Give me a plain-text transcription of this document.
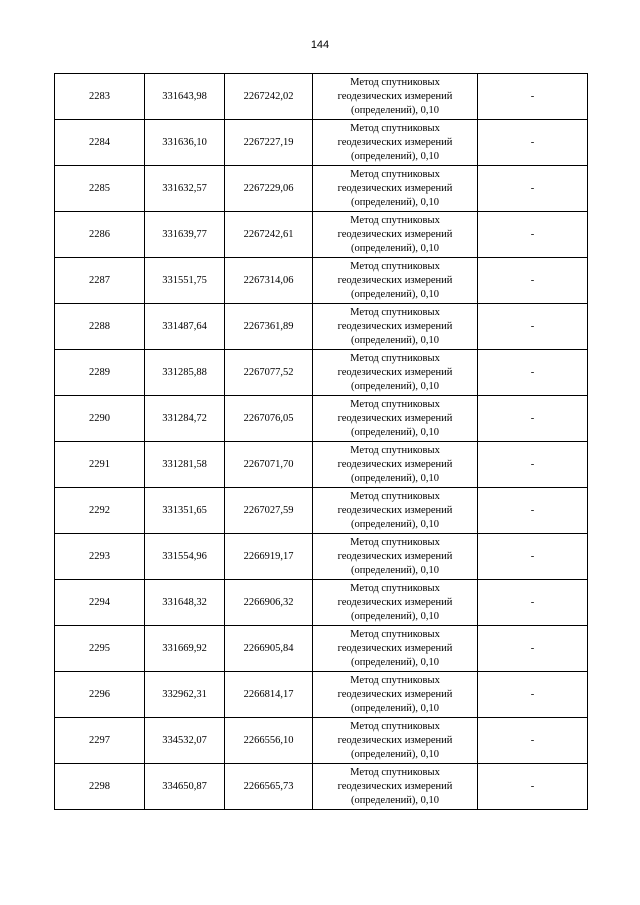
144
2283	331643,98	2267242,02	Метод спутниковых
геодезических измерений
(определений), 0,10	-
2284	331636,10	2267227,19	Метод спутниковых
геодезических измерений
(определений), 0,10	-
2285	331632,57	2267229,06	Метод спутниковых
геодезических измерений
(определений), 0,10	-
2286	331639,77	2267242,61	Метод спутниковых
геодезических измерений
(определений), 0,10	-
2287	331551,75	2267314,06	Метод спутниковых
геодезических измерений
(определений), 0,10	-
2288	331487,64	2267361,89	Метод спутниковых
геодезических измерений
(определений), 0,10	-
2289	331285,88	2267077,52	Метод спутниковых
геодезических измерений
(определений), 0,10	-
2290	331284,72	2267076,05	Метод спутниковых
геодезических измерений
(определений), 0,10	-
2291	331281,58	2267071,70	Метод спутниковых
геодезических измерений
(определений), 0,10	-
2292	331351,65	2267027,59	Метод спутниковых
геодезических измерений
(определений), 0,10	-
2293	331554,96	2266919,17	Метод спутниковых
геодезических измерений
(определений), 0,10	-
2294	331648,32	2266906,32	Метод спутниковых
геодезических измерений
(определений), 0,10	-
2295	331669,92	2266905,84	Метод спутниковых
геодезических измерений
(определений), 0,10	-
2296	332962,31	2266814,17	Метод спутниковых
геодезических измерений
(определений), 0,10	-
2297	334532,07	2266556,10	Метод спутниковых
геодезических измерений
(определений), 0,10	-
2298	334650,87	2266565,73	Метод спутниковых
геодезических измерений
(определений), 0,10	-
